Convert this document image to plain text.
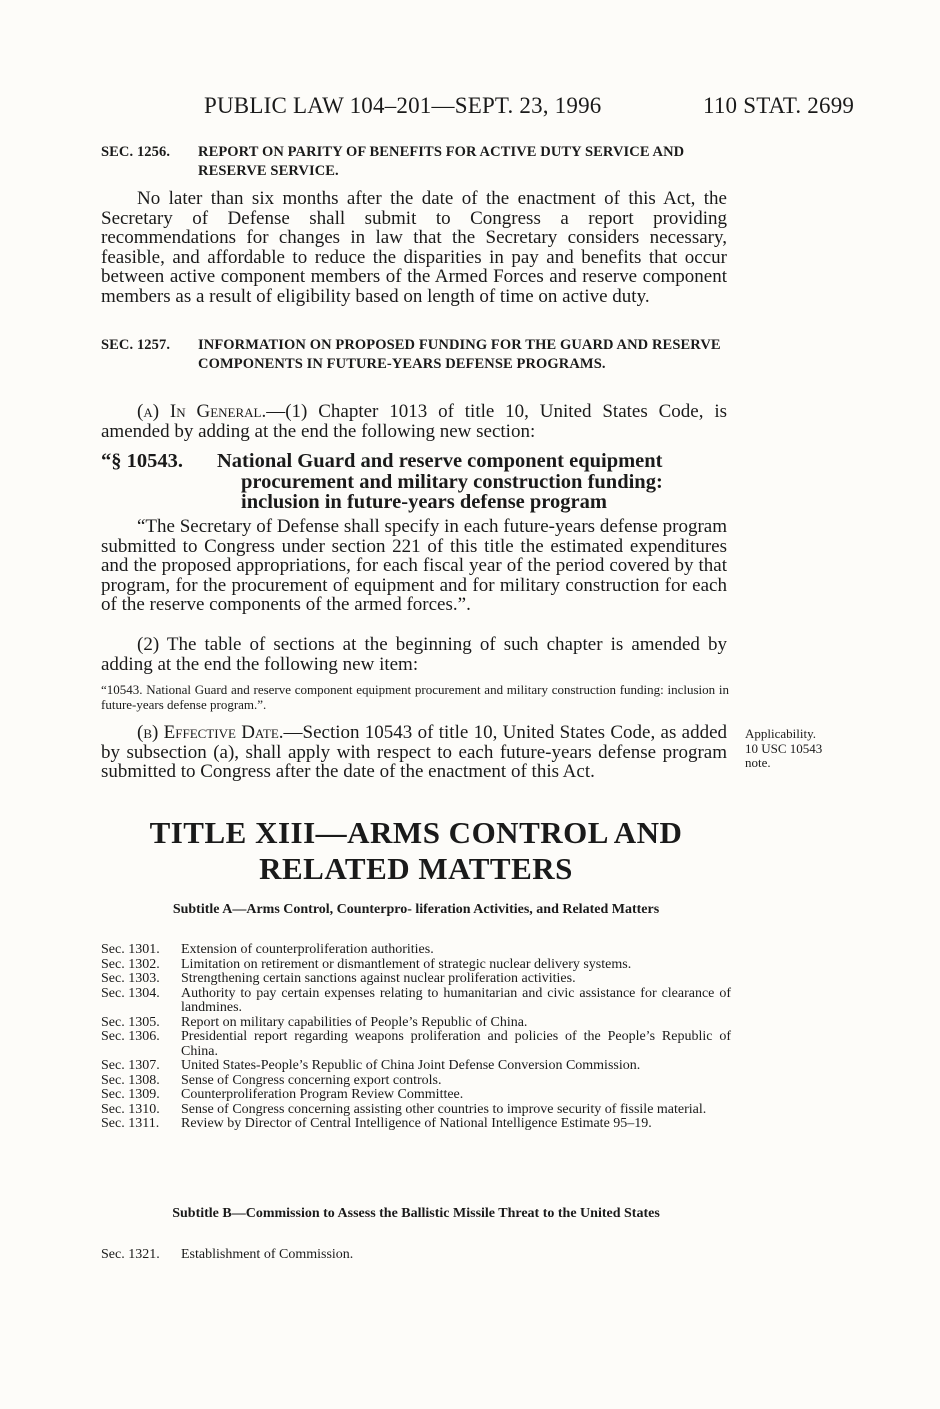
PUBLIC LAW 104–201—SEPT. 23, 1996	110 STAT. 2699
SEC. 1256.	REPORT ON PARITY OF BENEFITS FOR ACTIVE DUTY SERVICE AND RESERVE SERVICE.
No later than six months after the date of the enactment of this Act, the Secretary of Defense shall submit to Congress a report providing recommendations for changes in law that the Secretary considers necessary, feasible, and affordable to reduce the disparities in pay and benefits that occur between active component members of the Armed Forces and reserve component members as a result of eligibility based on length of time on active duty.
SEC. 1257.	INFORMATION ON PROPOSED FUNDING FOR THE GUARD AND RESERVE COMPONENTS IN FUTURE-YEARS DEFENSE PROGRAMS.
(a) In General.—(1) Chapter 1013 of title 10, United States Code, is amended by adding at the end the following new section:
“§ 10543.	National Guard and reserve component equipment procurement and military construction funding: inclusion in future-years defense program
“The Secretary of Defense shall specify in each future-years defense program submitted to Congress under section 221 of this title the estimated expenditures and the proposed appropriations, for each fiscal year of the period covered by that program, for the procurement of equipment and for military construction for each of the reserve components of the armed forces.”.
(2) The table of sections at the beginning of such chapter is amended by adding at the end the following new item:
“10543. National Guard and reserve component equipment procurement and military construction funding: inclusion in future-years defense program.”.
(b) Effective Date.—Section 10543 of title 10, United States Code, as added by subsection (a), shall apply with respect to each future-years defense program submitted to Congress after the date of the enactment of this Act.
Applicability.
10 USC 10543
note.
TITLE XIII—ARMS CONTROL AND
RELATED MATTERS
Subtitle A—Arms Control, Counterpro- liferation Activities, and Related Matters
Sec. 1301.	Extension of counterproliferation authorities.
Sec. 1302.	Limitation on retirement or dismantlement of strategic nuclear delivery systems.
Sec. 1303.	Strengthening certain sanctions against nuclear proliferation activities.
Sec. 1304.	Authority to pay certain expenses relating to humanitarian and civic assistance for clearance of landmines.
Sec. 1305.	Report on military capabilities of People’s Republic of China.
Sec. 1306.	Presidential report regarding weapons proliferation and policies of the People’s Republic of China.
Sec. 1307.	United States-People’s Republic of China Joint Defense Conversion Commission.
Sec. 1308.	Sense of Congress concerning export controls.
Sec. 1309.	Counterproliferation Program Review Committee.
Sec. 1310.	Sense of Congress concerning assisting other countries to improve security of fissile material.
Sec. 1311.	Review by Director of Central Intelligence of National Intelligence Estimate 95–19.
Subtitle B—Commission to Assess the Ballistic Missile Threat to the United States
Sec. 1321.	Establishment of Commission.
